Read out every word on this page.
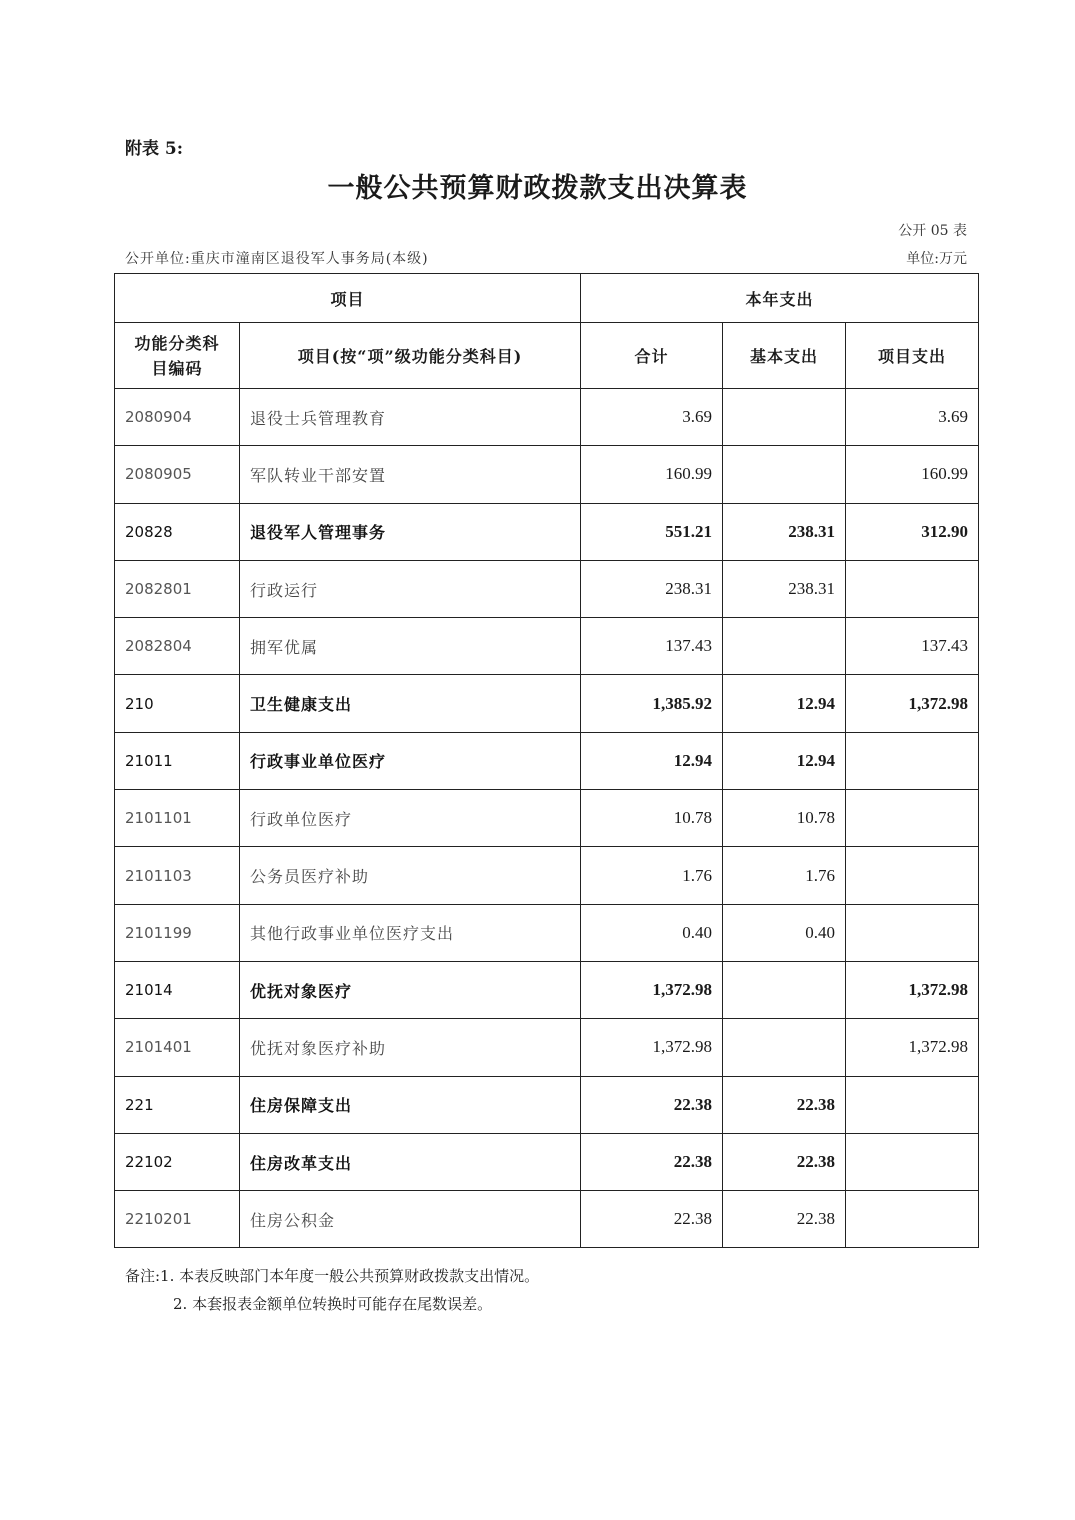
附表 5:
一般公共预算财政拨款支出决算表
公开 05 表
公开单位:重庆市潼南区退役军人事务局(本级)	单位:万元
项目		本年支出		
功能分类科
目编码	项目(按“项”级功能分类科目)	合计	基本支出	项目支出
2080904	退役士兵管理教育	3.69		3.69
2080905	军队转业干部安置	160.99		160.99
20828	退役军人管理事务	551.21	238.31	312.90
2082801	行政运行	238.31	238.31	
2082804	拥军优属	137.43		137.43
210	卫生健康支出	1,385.92	12.94	1,372.98
21011	行政事业单位医疗	12.94	12.94	
2101101	行政单位医疗	10.78	10.78	
2101103	公务员医疗补助	1.76	1.76	
2101199	其他行政事业单位医疗支出	0.40	0.40	
21014	优抚对象医疗	1,372.98		1,372.98
2101401	优抚对象医疗补助	1,372.98		1,372.98
221	住房保障支出	22.38	22.38	
22102	住房改革支出	22.38	22.38	
2210201	住房公积金	22.38	22.38	
备注:1. 本表反映部门本年度一般公共预算财政拨款支出情况。
2. 本套报表金额单位转换时可能存在尾数误差。
